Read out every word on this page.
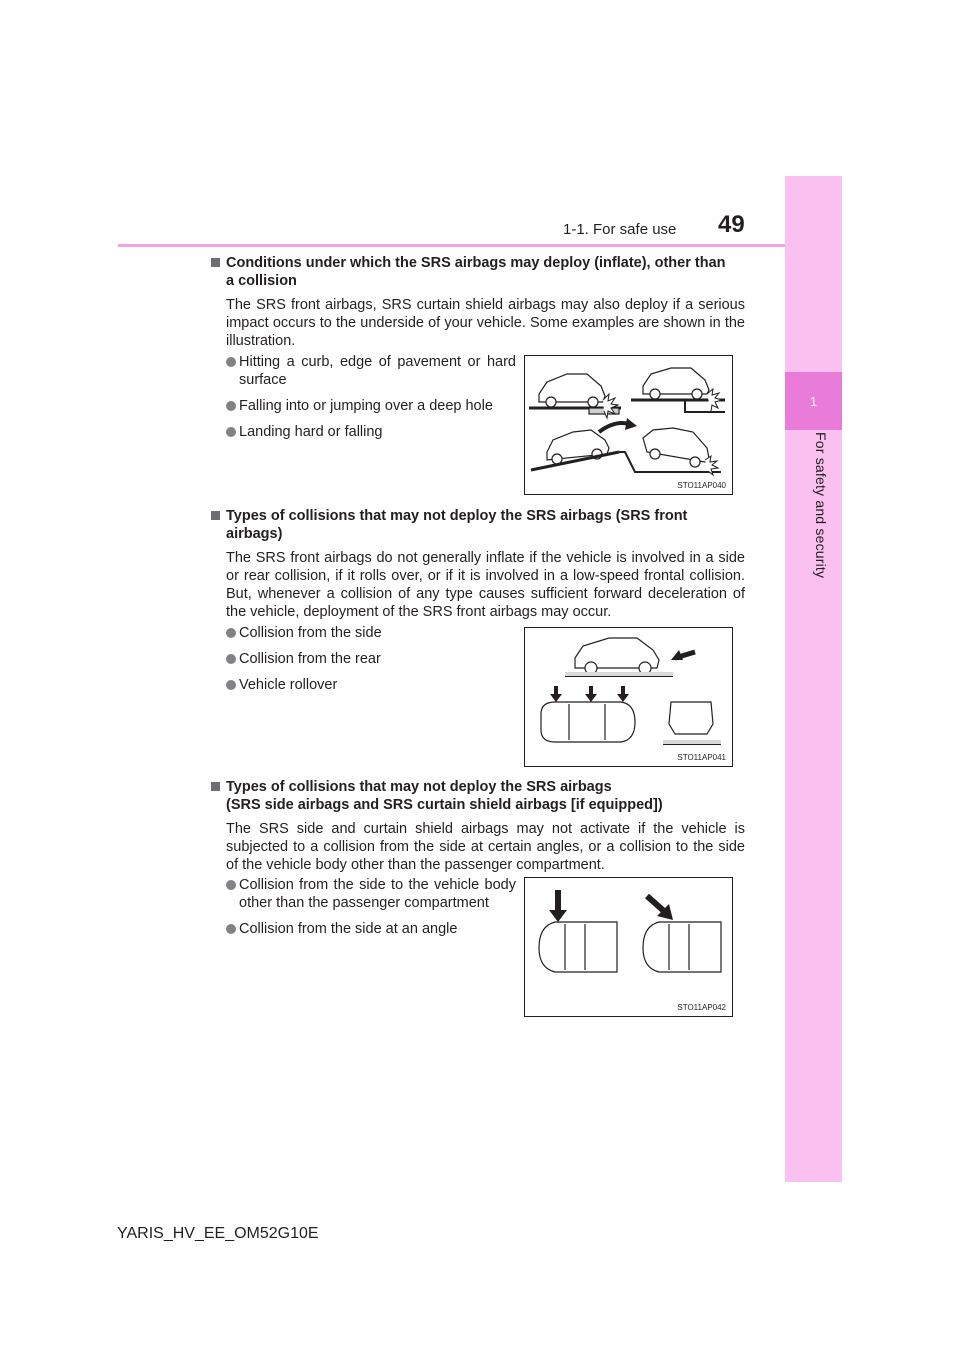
1
For safety and security
1-1. For safe use 49
Conditions under which the SRS airbags may deploy (inflate), other than
a collision
The SRS front airbags, SRS curtain shield airbags may also deploy if a serious impact occurs to the underside of your vehicle. Some examples are shown in the illustration.
Hitting a curb, edge of pavement or hard surface
Falling into or jumping over a deep hole
Landing hard or falling
STO11AP040
Types of collisions that may not deploy the SRS airbags (SRS front
airbags)
The SRS front airbags do not generally inflate if the vehicle is involved in a side or rear collision, if it rolls over, or if it is involved in a low-speed frontal collision. But, whenever a collision of any type causes sufficient forward deceleration of the vehicle, deployment of the SRS front airbags may occur.
Collision from the side
Collision from the rear
Vehicle rollover
STO11AP041
Types of collisions that may not deploy the SRS airbags
(SRS side airbags and SRS curtain shield airbags [if equipped])
The SRS side and curtain shield airbags may not activate if the vehicle is subjected to a collision from the side at certain angles, or a collision to the side of the vehicle body other than the passenger compartment.
Collision from the side to the vehicle body other than the passenger compartment
Collision from the side at an angle
STO11AP042
YARIS_HV_EE_OM52G10E
